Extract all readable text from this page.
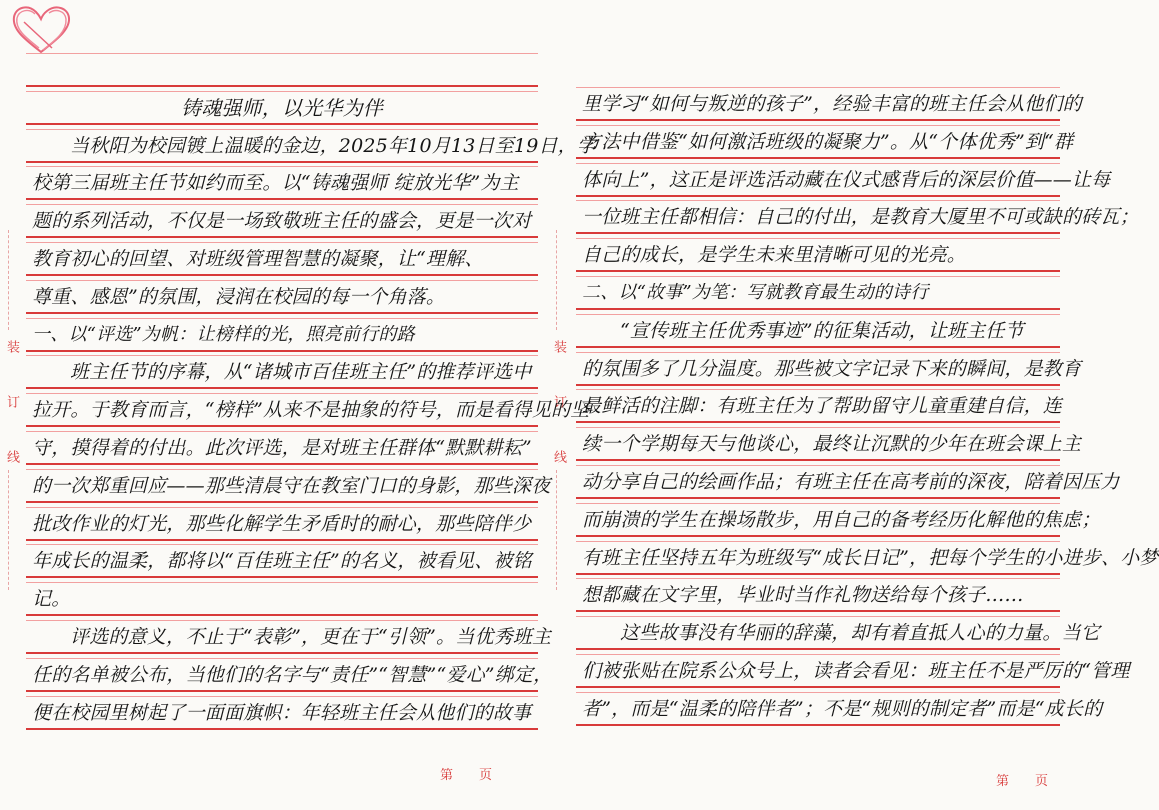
装订线	装订线
铸魂强师，以光华为伴
当秋阳为校园镀上温暖的金边，2025年10月13日至19日，学
校第三届班主任节如约而至。以“铸魂强师 绽放光华”为主
题的系列活动，不仅是一场致敬班主任的盛会，更是一次对
教育初心的回望、对班级管理智慧的凝聚，让“理解、
尊重、感恩”的氛围，浸润在校园的每一个角落。
一、以“评选”为帆：让榜样的光，照亮前行的路
班主任节的序幕，从“诸城市百佳班主任”的推荐评选中
拉开。于教育而言，“榜样”从来不是抽象的符号，而是看得见的坚
守，摸得着的付出。此次评选，是对班主任群体“默默耕耘”
的一次郑重回应——那些清晨守在教室门口的身影，那些深夜
批改作业的灯光，那些化解学生矛盾时的耐心，那些陪伴少
年成长的温柔，都将以“百佳班主任”的名义，被看见、被铭
记。
评选的意义，不止于“表彰”，更在于“引领”。当优秀班主
任的名单被公布，当他们的名字与“责任”“智慧”“爱心”绑定，
便在校园里树起了一面面旗帜：年轻班主任会从他们的故事
里学习“如何与叛逆的孩子”，经验丰富的班主任会从他们的
方法中借鉴“如何激活班级的凝聚力”。从“个体优秀”到“群
体向上”，这正是评选活动藏在仪式感背后的深层价值——让每
一位班主任都相信：自己的付出，是教育大厦里不可或缺的砖瓦；
自己的成长，是学生未来里清晰可见的光亮。
二、以“故事”为笔：写就教育最生动的诗行
“宣传班主任优秀事迹”的征集活动，让班主任节
的氛围多了几分温度。那些被文字记录下来的瞬间，是教育
最鲜活的注脚：有班主任为了帮助留守儿童重建自信，连
续一个学期每天与他谈心，最终让沉默的少年在班会课上主
动分享自己的绘画作品；有班主任在高考前的深夜，陪着因压力
而崩溃的学生在操场散步，用自己的备考经历化解他的焦虑；
有班主任坚持五年为班级写“成长日记”，把每个学生的小进步、小梦
想都藏在文字里，毕业时当作礼物送给每个孩子……
这些故事没有华丽的辞藻，却有着直抵人心的力量。当它
们被张贴在院系公众号上，读者会看见：班主任不是严厉的“管理
者”，而是“温柔的陪伴者”；不是“规则的制定者”而是“成长的
第页	第页
